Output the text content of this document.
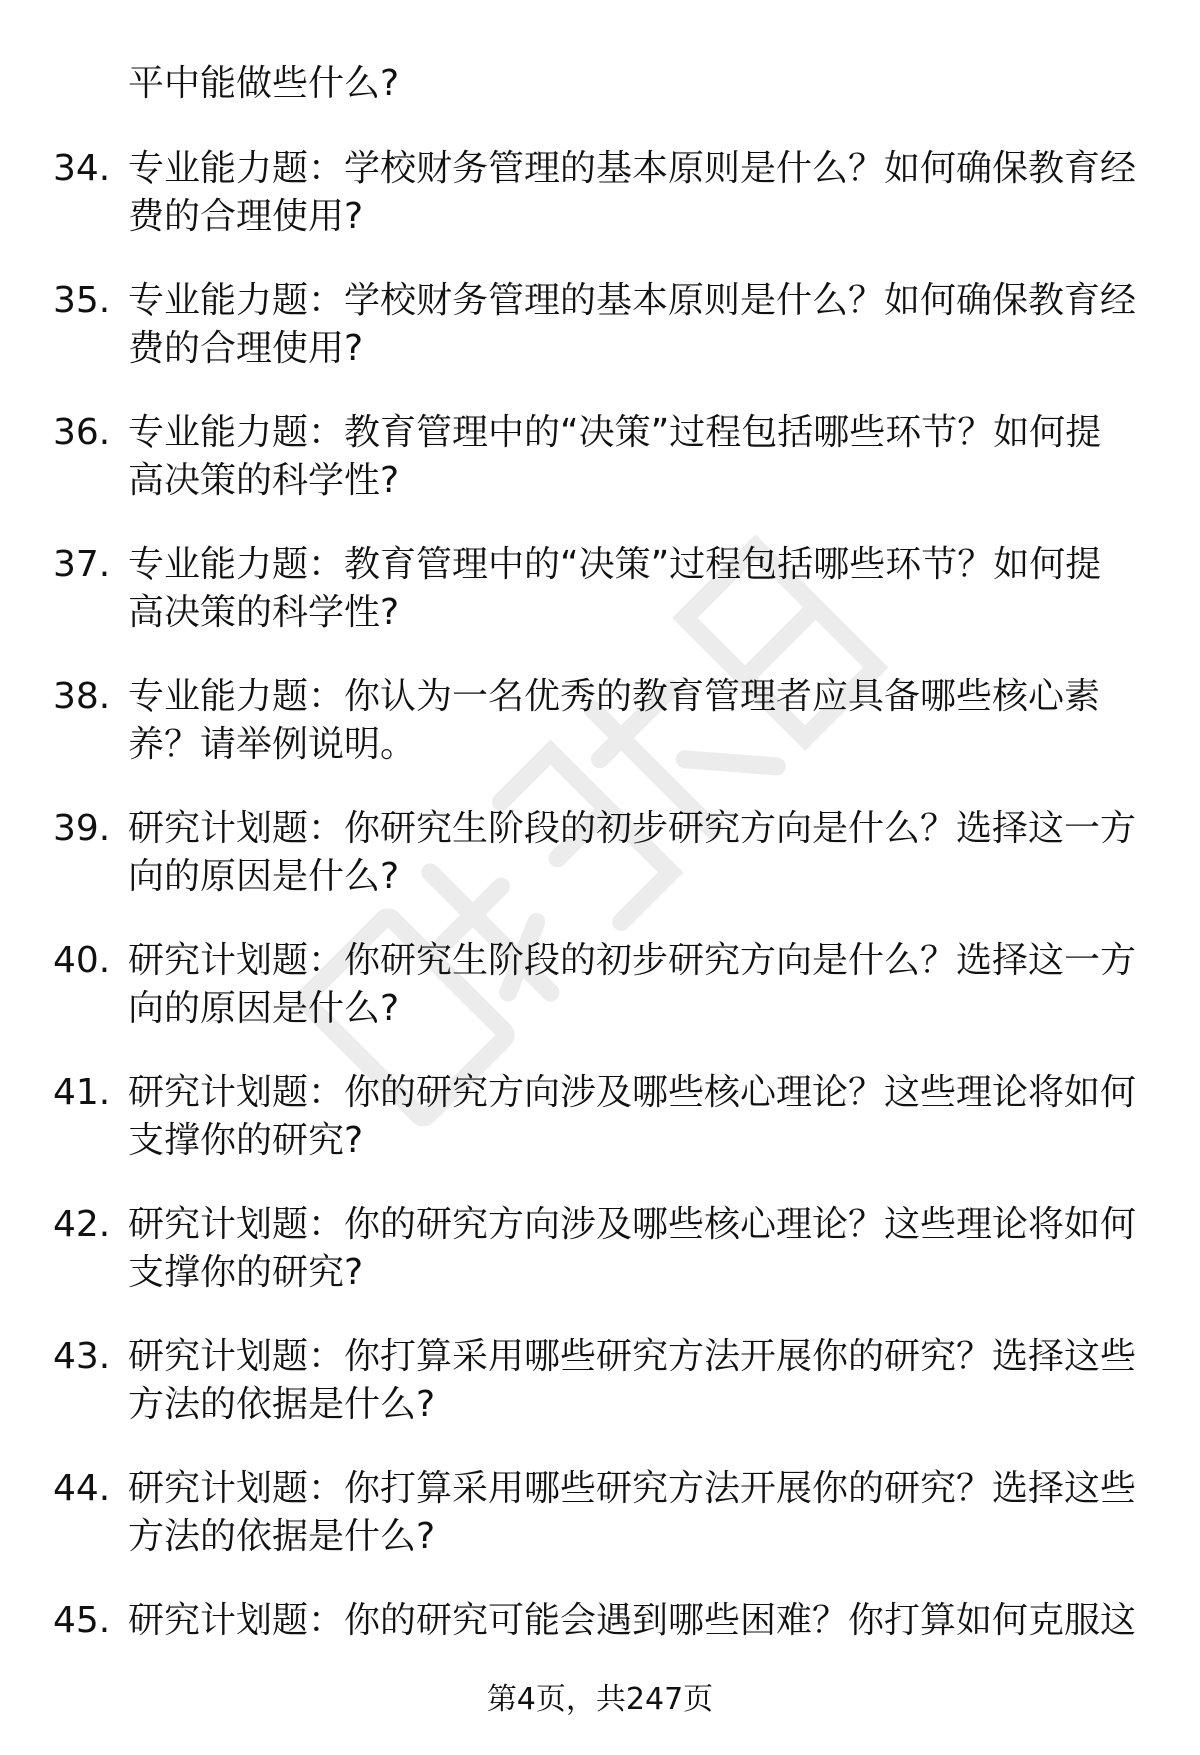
平中能做些什么?
34. 专业能力题：学校财务管理的基本原则是什么？如何确保教育经
费的合理使用?
35. 专业能力题：学校财务管理的基本原则是什么？如何确保教育经
费的合理使用?
36. 专业能力题：教育管理中的“决策”过程包括哪些环节？如何提
高决策的科学性?
37. 专业能力题：教育管理中的“决策”过程包括哪些环节？如何提
高决策的科学性?
38. 专业能力题：你认为一名优秀的教育管理者应具备哪些核心素
养？请举例说明。
39. 研究计划题：你研究生阶段的初步研究方向是什么？选择这一方
向的原因是什么?
40. 研究计划题：你研究生阶段的初步研究方向是什么？选择这一方
向的原因是什么?
41. 研究计划题：你的研究方向涉及哪些核心理论？这些理论将如何
支撑你的研究?
42. 研究计划题：你的研究方向涉及哪些核心理论？这些理论将如何
支撑你的研究?
43. 研究计划题：你打算采用哪些研究方法开展你的研究？选择这些
方法的依据是什么?
44. 研究计划题：你打算采用哪些研究方法开展你的研究？选择这些
方法的依据是什么?
45. 研究计划题：你的研究可能会遇到哪些困难？你打算如何克服这
第4页，共247页
